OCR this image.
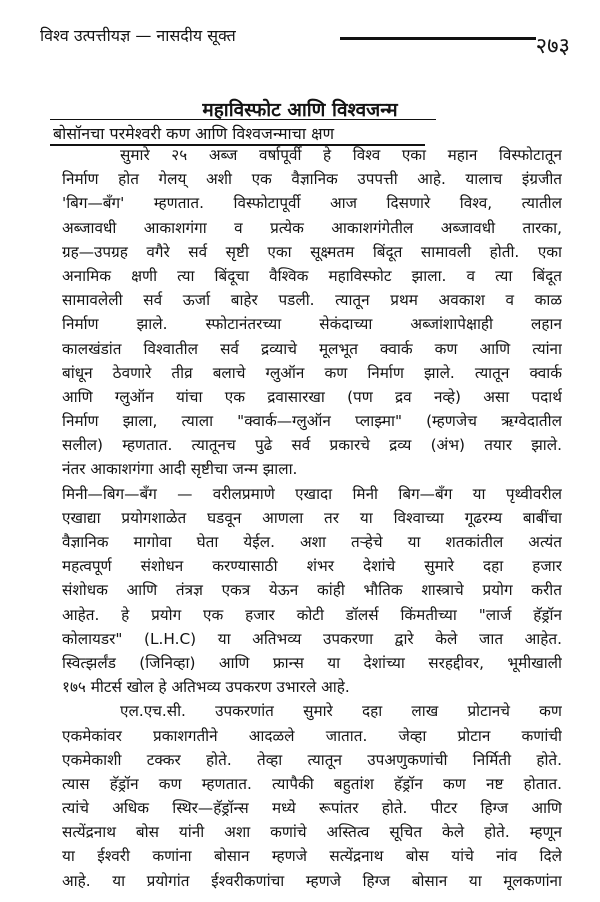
विश्व उत्पत्तीयज्ञ — नासदीय सूक्त	२७३
महाविस्फोट आणि विश्वजन्म
बोसॉनचा परमेश्वरी कण आणि विश्वजन्माचा क्षण
सुमारे २५ अब्ज वर्षापूर्वी हे विश्व एका महान विस्फोटातून
निर्माण होत गेलय् अशी एक वैज्ञानिक उपपत्ती आहे. यालाच इंग्रजीत
'बिग—बँग' म्हणतात. विस्फोटापूर्वी आज दिसणारे विश्व, त्यातील
अब्जावधी आकाशगंगा व प्रत्येक आकाशगंगेतील अब्जावधी तारका,
ग्रह—उपग्रह वगैरे सर्व सृष्टी एका सूक्ष्मतम बिंदूत सामावली होती. एका
अनामिक क्षणी त्या बिंदूचा वैश्विक महाविस्फोट झाला. व त्या बिंदूत
सामावलेली सर्व ऊर्जा बाहेर पडली. त्यातून प्रथम अवकाश व काळ
निर्माण झाले. स्फोटानंतरच्या सेकंदाच्या अब्जांशापेक्षाही लहान
कालखंडांत विश्वातील सर्व द्रव्याचे मूलभूत क्वार्क कण आणि त्यांना
बांधून ठेवणारे तीव्र बलाचे ग्लुऑन कण निर्माण झाले. त्यातून क्वार्क
आणि ग्लुऑन यांचा एक द्रवासारखा (पण द्रव नव्हे) असा पदार्थ
निर्माण झाला, त्याला "क्वार्क—ग्लुऑन प्लाझ्मा" (म्हणजेच ऋग्वेदातील
सलील) म्हणतात. त्यातूनच पुढे सर्व प्रकारचे द्रव्य (अंभ) तयार झाले.
नंतर आकाशगंगा आदी सृष्टीचा जन्म झाला.
मिनी—बिग—बँग — वरीलप्रमाणे एखादा मिनी बिग—बँग या पृथ्वीवरील
एखाद्या प्रयोगशाळेत घडवून आणला तर या विश्वाच्या गूढरम्य बाबींचा
वैज्ञानिक मागोवा घेता येईल. अशा तऱ्हेचे या शतकांतील अत्यंत
महत्वपूर्ण संशोधन करण्यासाठी शंभर देशांचे सुमारे दहा हजार
संशोधक आणि तंत्रज्ञ एकत्र येऊन कांही भौतिक शास्त्राचे प्रयोग करीत
आहेत. हे प्रयोग एक हजार कोटी डॉलर्स किंमतीच्या "लार्ज हॅड्रॉन
कोलायडर" (L.H.C) या अतिभव्य उपकरणा द्वारे केले जात आहेत.
स्वित्झर्लंड (जिनिव्हा) आणि फ्रान्स या देशांच्या सरहद्दीवर, भूमीखाली
१७५ मीटर्स खोल हे अतिभव्य उपकरण उभारले आहे.
एल.एच.सी. उपकरणांत सुमारे दहा लाख प्रोटानचे कण
एकमेकांवर प्रकाशगतीने आदळले जातात. जेव्हा प्रोटान कणांची
एकमेकाशी टक्कर होते. तेव्हा त्यातून उपअणुकणांची निर्मिती होते.
त्यास हॅड्रॉन कण म्हणतात. त्यापैकी बहुतांश हॅड्रॉन कण नष्ट होतात.
त्यांचे अधिक स्थिर—हॅड्रॉन्स मध्ये रूपांतर होते. पीटर हिग्ज आणि
सत्येंद्रनाथ बोस यांनी अशा कणांचे अस्तित्व सूचित केले होते. म्हणून
या ईश्वरी कणांना बोसान म्हणजे सत्येंद्रनाथ बोस यांचे नांव दिले
आहे. या प्रयोगांत ईश्वरीकणांचा म्हणजे हिग्ज बोसान या मूलकणांना
